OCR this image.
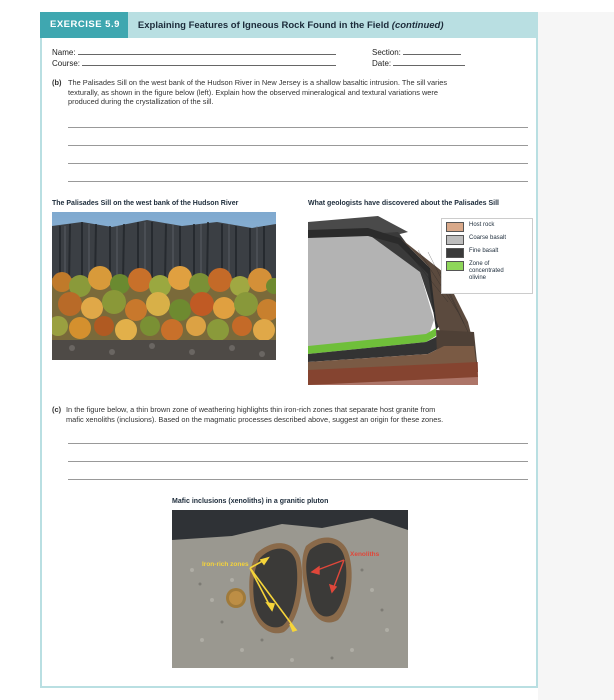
EXERCISE 5.9	Explaining Features of Igneous Rock Found in the Field (continued)
Name:	Section:
Course:	Date:
(b) The Palisades Sill on the west bank of the Hudson River in New Jersey is a shallow basaltic intrusion. The sill varies
texturally, as shown in the figure below (left). Explain how the observed mineralogical and textural variations were
produced during the crystallization of the sill.
The Palisades Sill on the west bank of the Hudson River	What geologists have discovered about the Palisades Sill
Host rock
Coarse basalt
Fine basalt
Zone of concentrated olivine
(c) In the figure below, a thin brown zone of weathering highlights thin iron-rich zones that separate host granite from
mafic xenoliths (inclusions). Based on the magmatic processes described above, suggest an origin for these zones.
Mafic inclusions (xenoliths) in a granitic pluton
Iron-rich zones
Xenoliths
